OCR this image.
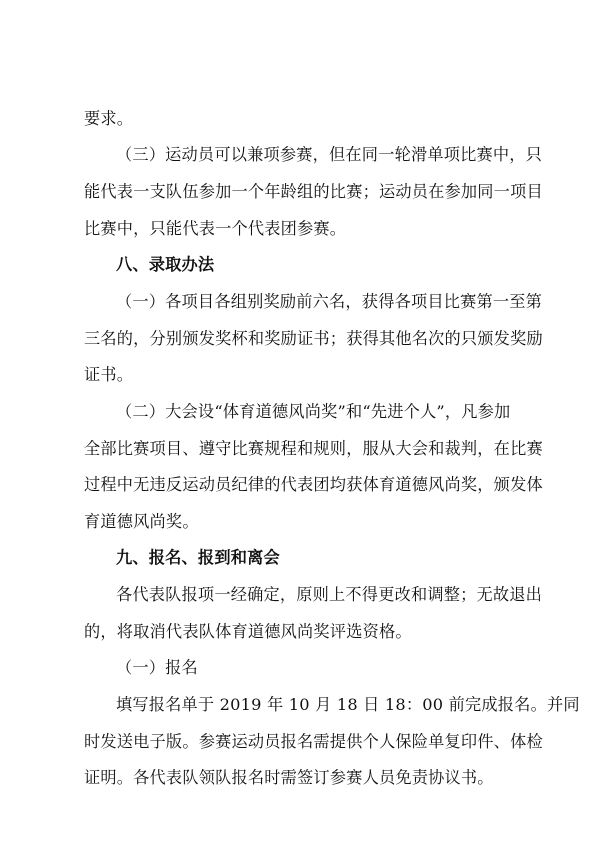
要求。
（三）运动员可以兼项参赛，但在同一轮滑单项比赛中，只
能代表一支队伍参加一个年龄组的比赛；运动员在参加同一项目
比赛中，只能代表一个代表团参赛。
八、录取办法
（一）各项目各组别奖励前六名，获得各项目比赛第一至第
三名的，分别颁发奖杯和奖励证书；获得其他名次的只颁发奖励
证书。
（二）大会设“体育道德风尚奖”和“先进个人”，凡参加
全部比赛项目、遵守比赛规程和规则，服从大会和裁判，在比赛
过程中无违反运动员纪律的代表团均获体育道德风尚奖，颁发体
育道德风尚奖。
九、报名、报到和离会
各代表队报项一经确定，原则上不得更改和调整；无故退出
的，将取消代表队体育道德风尚奖评选资格。
（一）报名
填写报名单于 2019 年 10 月 18 日 18：00 前完成报名。并同
时发送电子版。参赛运动员报名需提供个人保险单复印件、体检
证明。各代表队领队报名时需签订参赛人员免责协议书。
